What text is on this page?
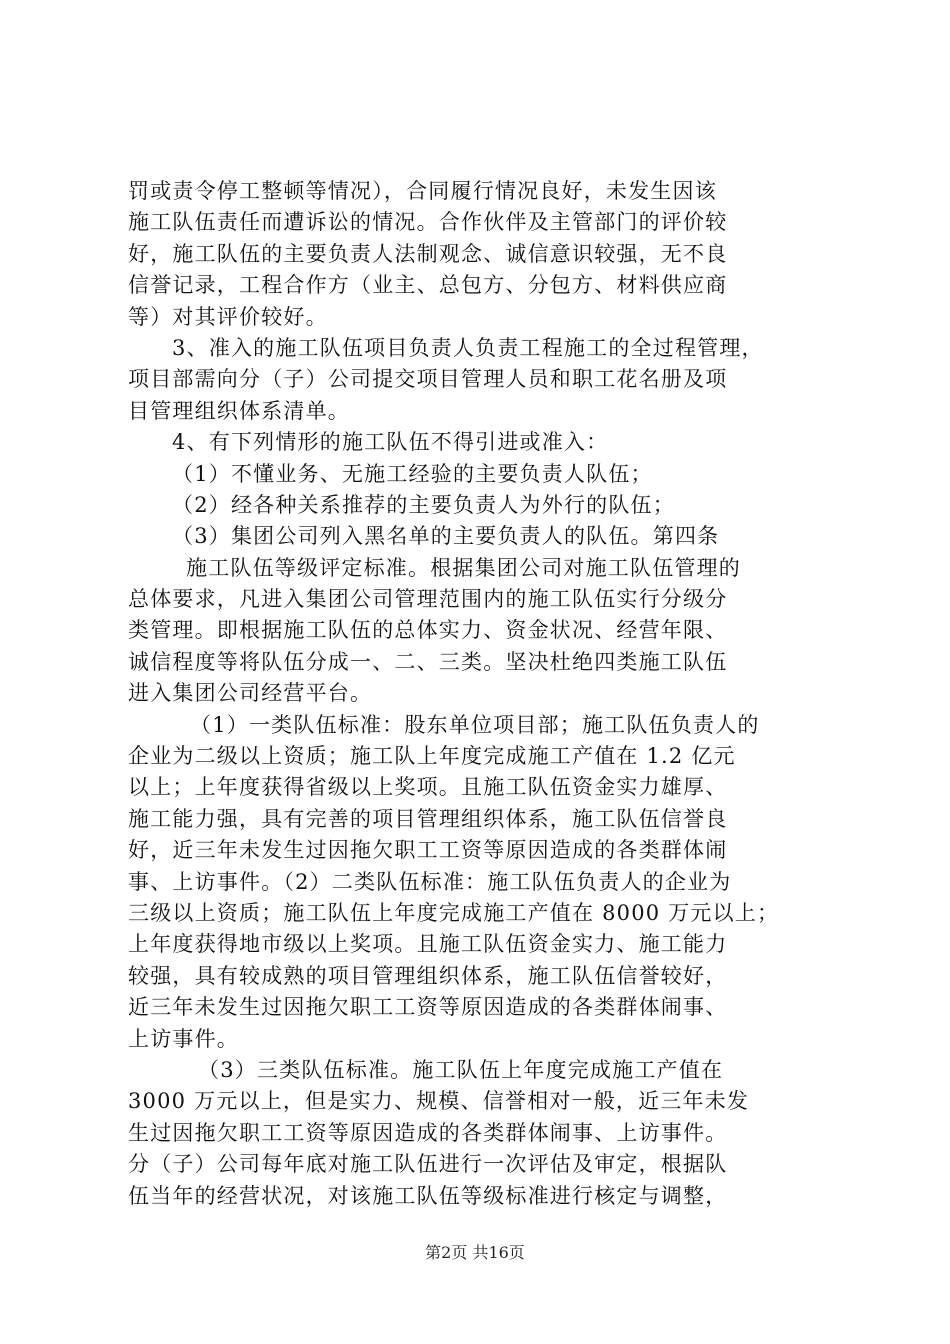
罚或责令停工整顿等情况），合同履行情况良好，未发生因该
施工队伍责任而遭诉讼的情况。合作伙伴及主管部门的评价较
好，施工队伍的主要负责人法制观念、诚信意识较强，无不良
信誉记录，工程合作方（业主、总包方、分包方、材料供应商
等）对其评价较好。
3、准入的施工队伍项目负责人负责工程施工的全过程管理，
项目部需向分（子）公司提交项目管理人员和职工花名册及项
目管理组织体系清单。
4、有下列情形的施工队伍不得引进或准入：
（1）不懂业务、无施工经验的主要负责人队伍；
（2）经各种关系推荐的主要负责人为外行的队伍；
（3）集团公司列入黑名单的主要负责人的队伍。第四条
施工队伍等级评定标准。根据集团公司对施工队伍管理的
总体要求，凡进入集团公司管理范围内的施工队伍实行分级分
类管理。即根据施工队伍的总体实力、资金状况、经营年限、
诚信程度等将队伍分成一、二、三类。坚决杜绝四类施工队伍
进入集团公司经营平台。
（1）一类队伍标准：股东单位项目部；施工队伍负责人的
企业为二级以上资质；施工队上年度完成施工产值在 1.2 亿元
以上；上年度获得省级以上奖项。且施工队伍资金实力雄厚、
施工能力强，具有完善的项目管理组织体系，施工队伍信誉良
好，近三年未发生过因拖欠职工工资等原因造成的各类群体闹
事、上访事件。（2）二类队伍标准：施工队伍负责人的企业为
三级以上资质；施工队伍上年度完成施工产值在 8000 万元以上；
上年度获得地市级以上奖项。且施工队伍资金实力、施工能力
较强，具有较成熟的项目管理组织体系，施工队伍信誉较好，
近三年未发生过因拖欠职工工资等原因造成的各类群体闹事、
上访事件。
（3）三类队伍标准。施工队伍上年度完成施工产值在
3000 万元以上，但是实力、规模、信誉相对一般，近三年未发
生过因拖欠职工工资等原因造成的各类群体闹事、上访事件。
分（子）公司每年底对施工队伍进行一次评估及审定，根据队
伍当年的经营状况，对该施工队伍等级标准进行核定与调整，
第2页 共16页
